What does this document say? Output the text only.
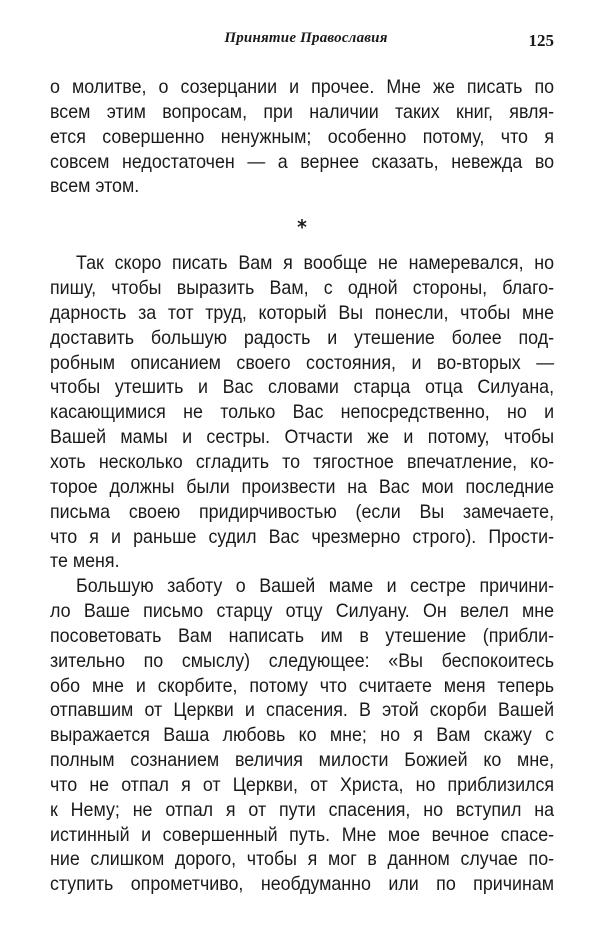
Принятие Православия	125
о молитве, о созерцании и прочее. Мне же писать по
всем этим вопросам, при наличии таких книг, явля-
ется совершенно ненужным; особенно потому, что я
совсем недостаточен — а вернее сказать, невежда во
всем этом.
*
Так скоро писать Вам я вообще не намеревался, но
пишу, чтобы выразить Вам, с одной стороны, благо-
дарность за тот труд, который Вы понесли, чтобы мне
доставить большую радость и утешение более под-
робным описанием своего состояния, и во-вторых —
чтобы утешить и Вас словами старца отца Силуана,
касающимися не только Вас непосредственно, но и
Вашей мамы и сестры. Отчасти же и потому, чтобы
хоть несколько сгладить то тягостное впечатление, ко-
торое должны были произвести на Вас мои последние
письма своею придирчивостью (если Вы замечаете,
что я и раньше судил Вас чрезмерно строго). Прости-
те меня.
Большую заботу о Вашей маме и сестре причини-
ло Ваше письмо старцу отцу Силуану. Он велел мне
посоветовать Вам написать им в утешение (прибли-
зительно по смыслу) следующее: «Вы беспокоитесь
обо мне и скорбите, потому что считаете меня теперь
отпавшим от Церкви и спасения. В этой скорби Вашей
выражается Ваша любовь ко мне; но я Вам скажу с
полным сознанием величия милости Божией ко мне,
что не отпал я от Церкви, от Христа, но приблизился
к Нему; не отпал я от пути спасения, но вступил на
истинный и совершенный путь. Мне мое вечное спасе-
ние слишком дорого, чтобы я мог в данном случае по-
ступить опрометчиво, необдуманно или по причинам
